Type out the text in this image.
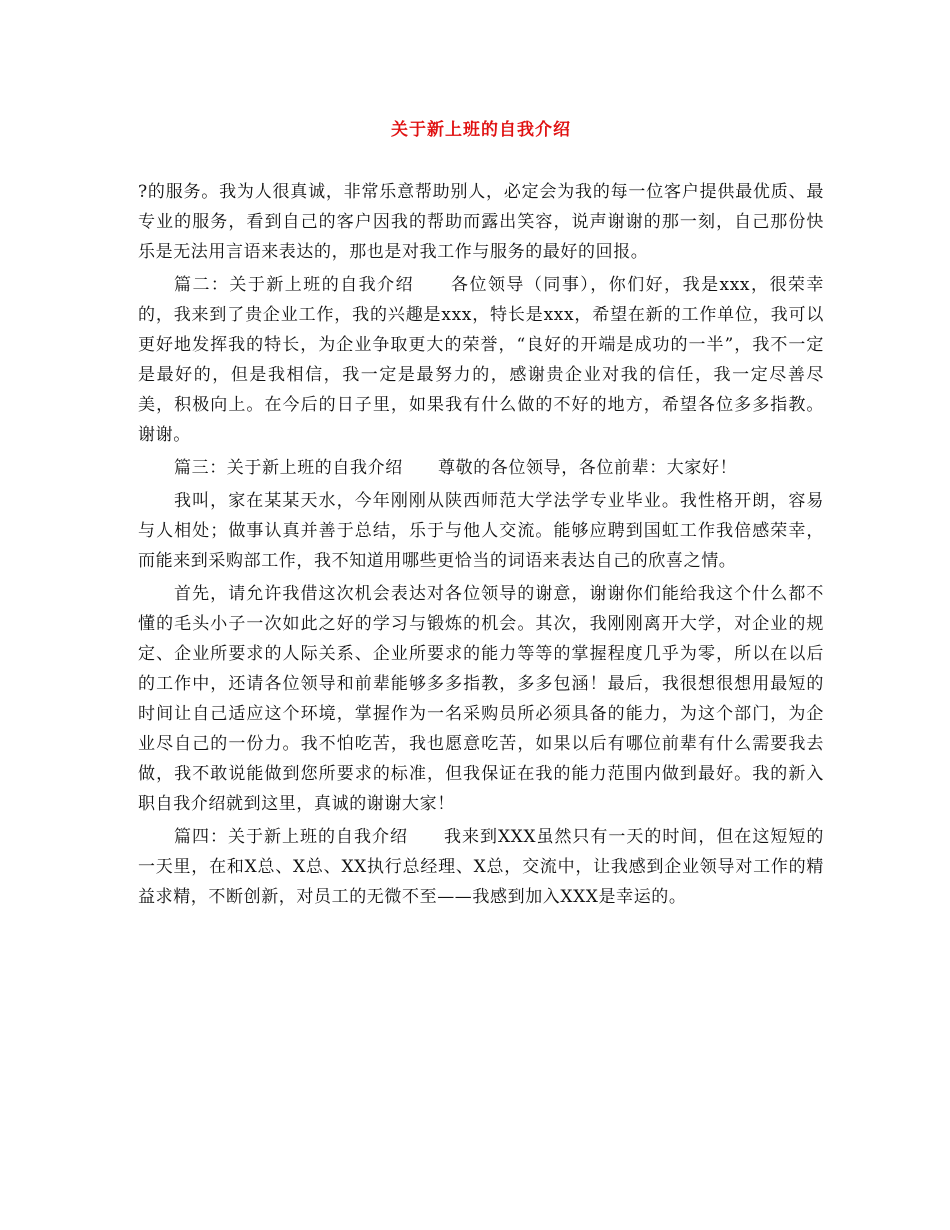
关于新上班的自我介绍

?的服务。我为人很真诚，非常乐意帮助别人，必定会为我的每一位客户提供最优质、最专业的服务，看到自己的客户因我的帮助而露出笑容，说声谢谢的那一刻，自己那份快乐是无法用言语来表达的，那也是对我工作与服务的最好的回报。

篇二：关于新上班的自我介绍　　各位领导（同事），你们好，我是xxx，很荣幸的，我来到了贵企业工作，我的兴趣是xxx，特长是xxx，希望在新的工作单位，我可以更好地发挥我的特长，为企业争取更大的荣誉，“良好的开端是成功的一半”，我不一定是最好的，但是我相信，我一定是最努力的，感谢贵企业对我的信任，我一定尽善尽美，积极向上。在今后的日子里，如果我有什么做的不好的地方，希望各位多多指教。谢谢。

篇三：关于新上班的自我介绍　　尊敬的各位领导，各位前辈：大家好！

我叫，家在某某天水，今年刚刚从陕西师范大学法学专业毕业。我性格开朗，容易与人相处；做事认真并善于总结，乐于与他人交流。能够应聘到国虹工作我倍感荣幸，而能来到采购部工作，我不知道用哪些更恰当的词语来表达自己的欣喜之情。

首先，请允许我借这次机会表达对各位领导的谢意，谢谢你们能给我这个什么都不懂的毛头小子一次如此之好的学习与锻炼的机会。其次，我刚刚离开大学，对企业的规定、企业所要求的人际关系、企业所要求的能力等等的掌握程度几乎为零，所以在以后的工作中，还请各位领导和前辈能够多多指教，多多包涵！最后，我很想很想用最短的时间让自己适应这个环境，掌握作为一名采购员所必须具备的能力，为这个部门，为企业尽自己的一份力。我不怕吃苦，我也愿意吃苦，如果以后有哪位前辈有什么需要我去做，我不敢说能做到您所要求的标准，但我保证在我的能力范围内做到最好。我的新入职自我介绍就到这里，真诚的谢谢大家！

篇四：关于新上班的自我介绍　　我来到XXX虽然只有一天的时间，但在这短短的一天里，在和X总、X总、XX执行总经理、X总，交流中，让我感到企业领导对工作的精益求精，不断创新，对员工的无微不至——我感到加入XXX是幸运的。
